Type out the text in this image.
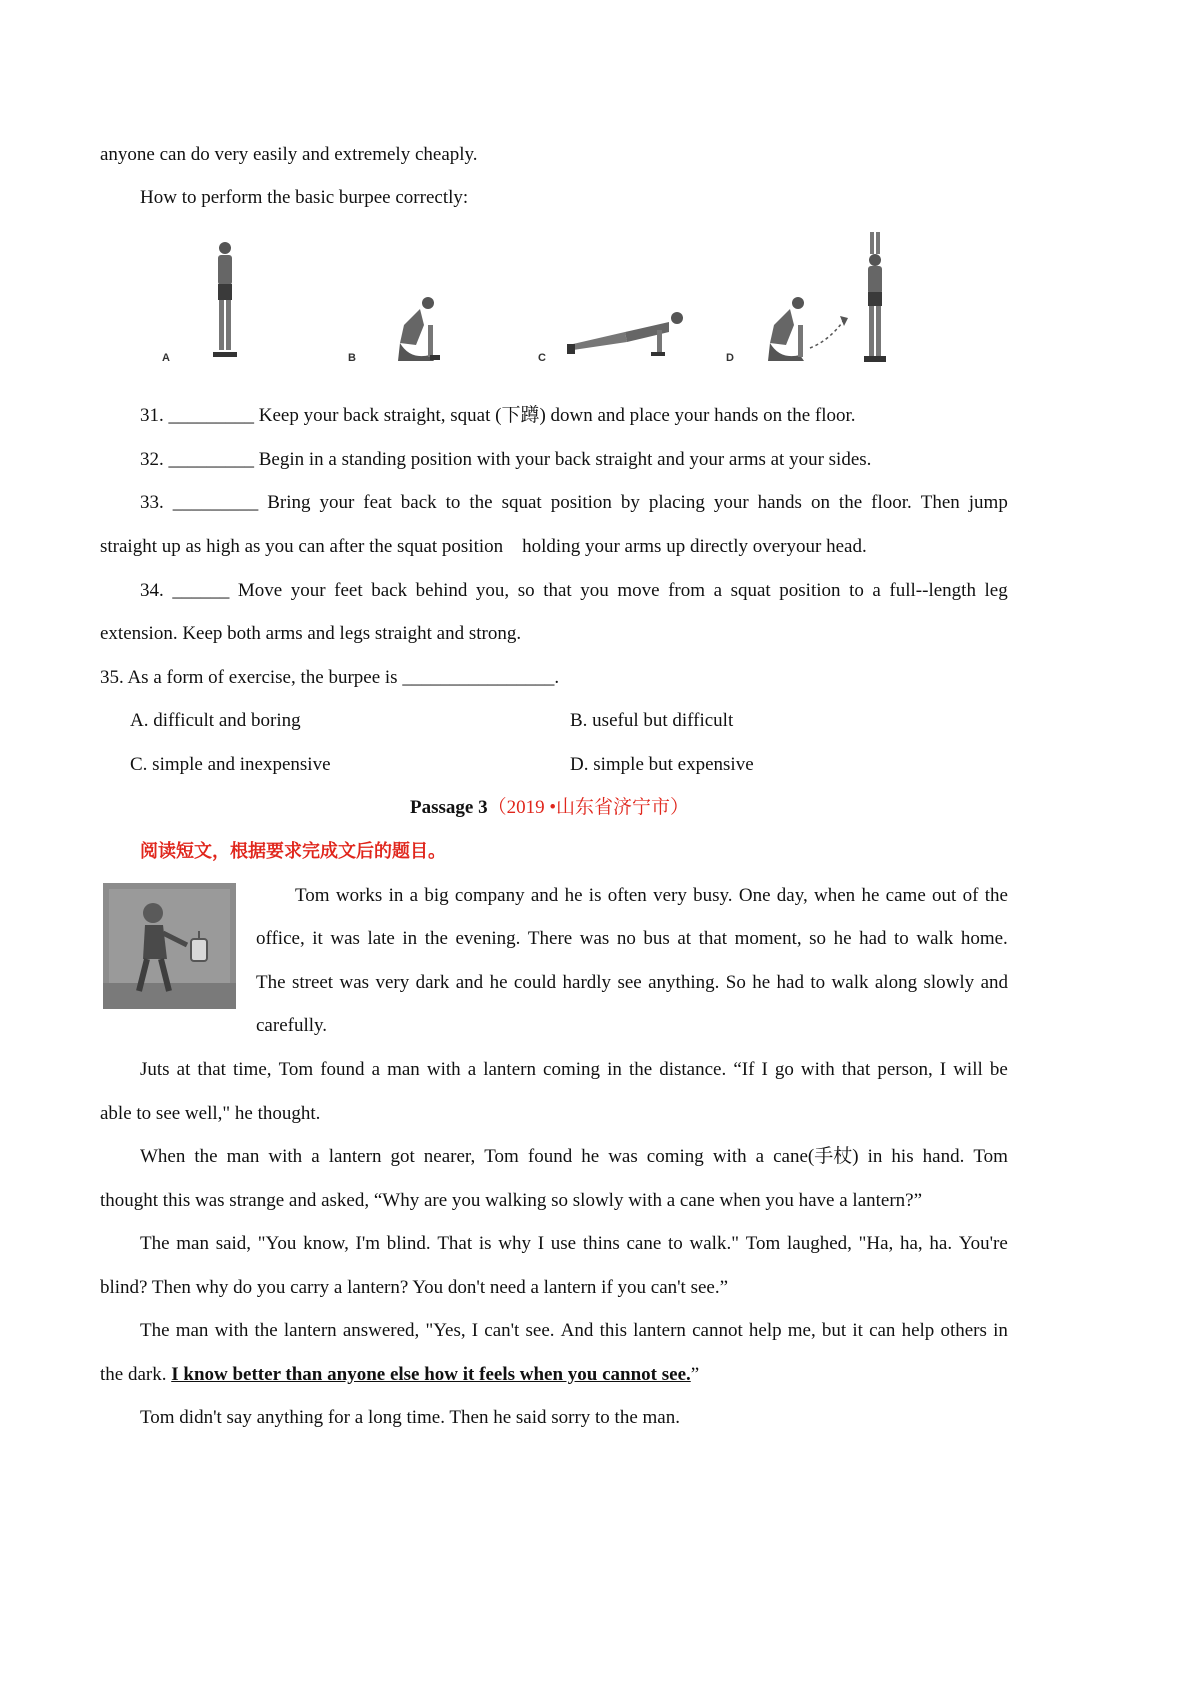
anyone can do very easily and extremely cheaply.
How to perform the basic burpee correctly:
A	B	C	D
31. _________ Keep your back straight, squat (下蹲) down and place your hands on the floor.
32. _________ Begin in a standing position with your back straight and your arms at your sides.
33. _________ Bring your feat back to the squat position by placing your hands on the floor. Then jump
straight up as high as you can after the squat position    holding your arms up directly overyour head.
34. ______ Move your feet back behind you, so that you move from a squat position to a full--length leg
extension. Keep both arms and legs straight and strong.
35. As a form of exercise, the burpee is ________________.
A. difficult and boring	B. useful but difficult
C. simple and inexpensive	D. simple but expensive
Passage 3（2019 •山东省济宁市）
阅读短文，根据要求完成文后的题目。
Tom works in a big company and he is often very busy. One day, when he came out of the
office, it was late in the evening. There was no bus at that moment, so he had to walk home.
The street was very dark and he could hardly see anything. So he had to walk along slowly and
carefully.
Juts at that time, Tom found a man with a lantern coming in the distance. “If I go with that person, I will be
able to see well," he thought.
When the man with a lantern got nearer, Tom found he was coming with a cane(手杖) in his hand. Tom
thought this was strange and asked, “Why are you walking so slowly with a cane when you have a lantern?”
The man said, "You know, I'm blind. That is why I use thins cane to walk." Tom laughed, "Ha, ha, ha. You're
blind? Then why do you carry a lantern? You don't need a lantern if you can't see.”
The man with the lantern answered, "Yes, I can't see. And this lantern cannot help me, but it can help others in
the dark. I know better than anyone else how it feels when you cannot see.”
Tom didn't say anything for a long time. Then he said sorry to the man.
